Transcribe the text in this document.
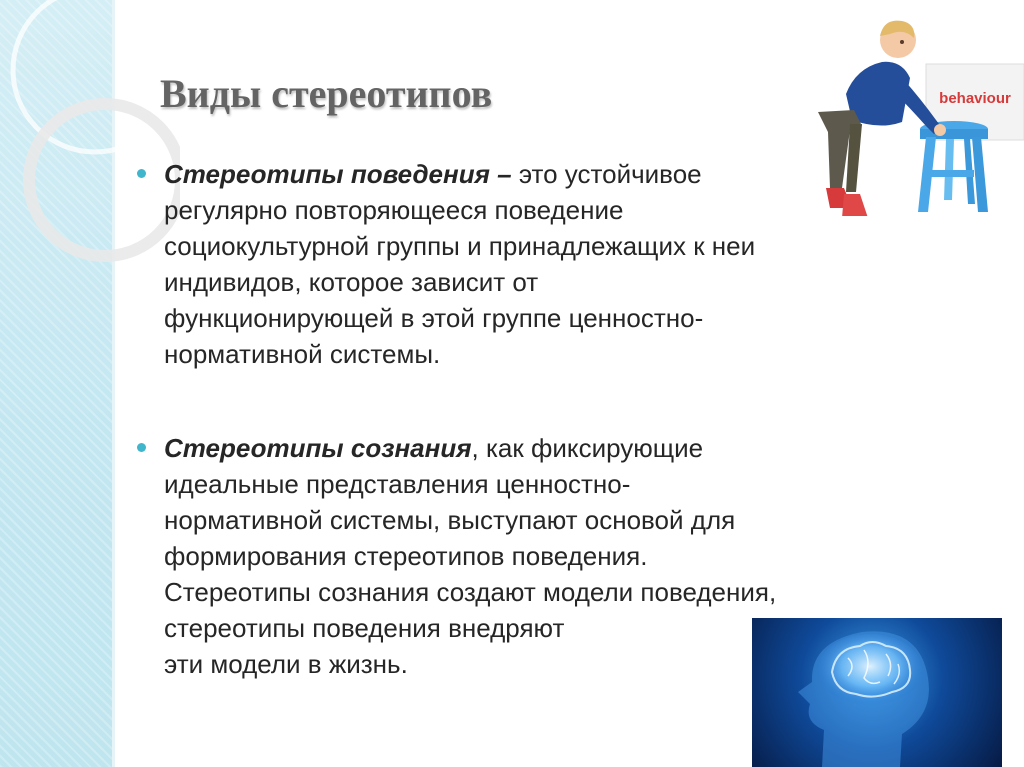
Виды стереотипов

Стереотипы поведения – это устойчивое
регулярно повторяющееся поведение
социокультурной группы и принадлежащих к неи
индивидов, которое зависит от
функционирующей в этой группе ценностно-
нормативной системы.

Стереотипы сознания, как фиксирующие
идеальные представления ценностно-
нормативной системы, выступают основой для
формирования стереотипов поведения.
Стереотипы сознания создают модели поведения,
стереотипы поведения внедряют
эти модели в жизнь.

behaviour
